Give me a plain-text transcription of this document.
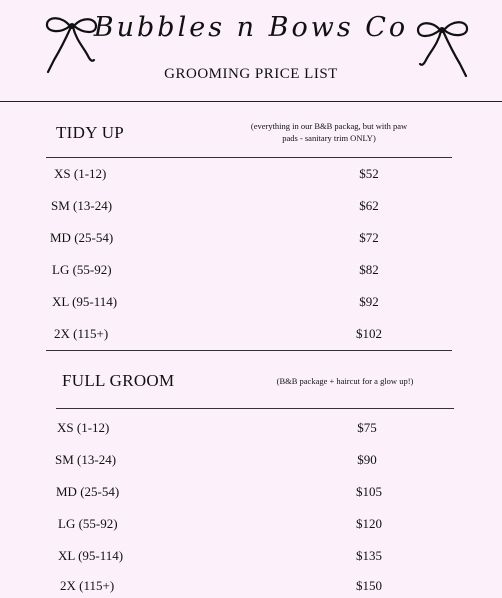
Bubbles n Bows Co
GROOMING PRICE LIST
TIDY UP	(everything in our B&B packag, but with paw pads - sanitary trim ONLY)
XS (1-12)	$52
SM (13-24)	$62
MD (25-54)	$72
LG (55-92)	$82
XL (95-114)	$92
2X (115+)	$102
FULL GROOM	(B&B package + haircut for a glow up!)
XS (1-12)	$75
SM (13-24)	$90
MD (25-54)	$105
LG (55-92)	$120
XL (95-114)	$135
2X (115+)	$150
